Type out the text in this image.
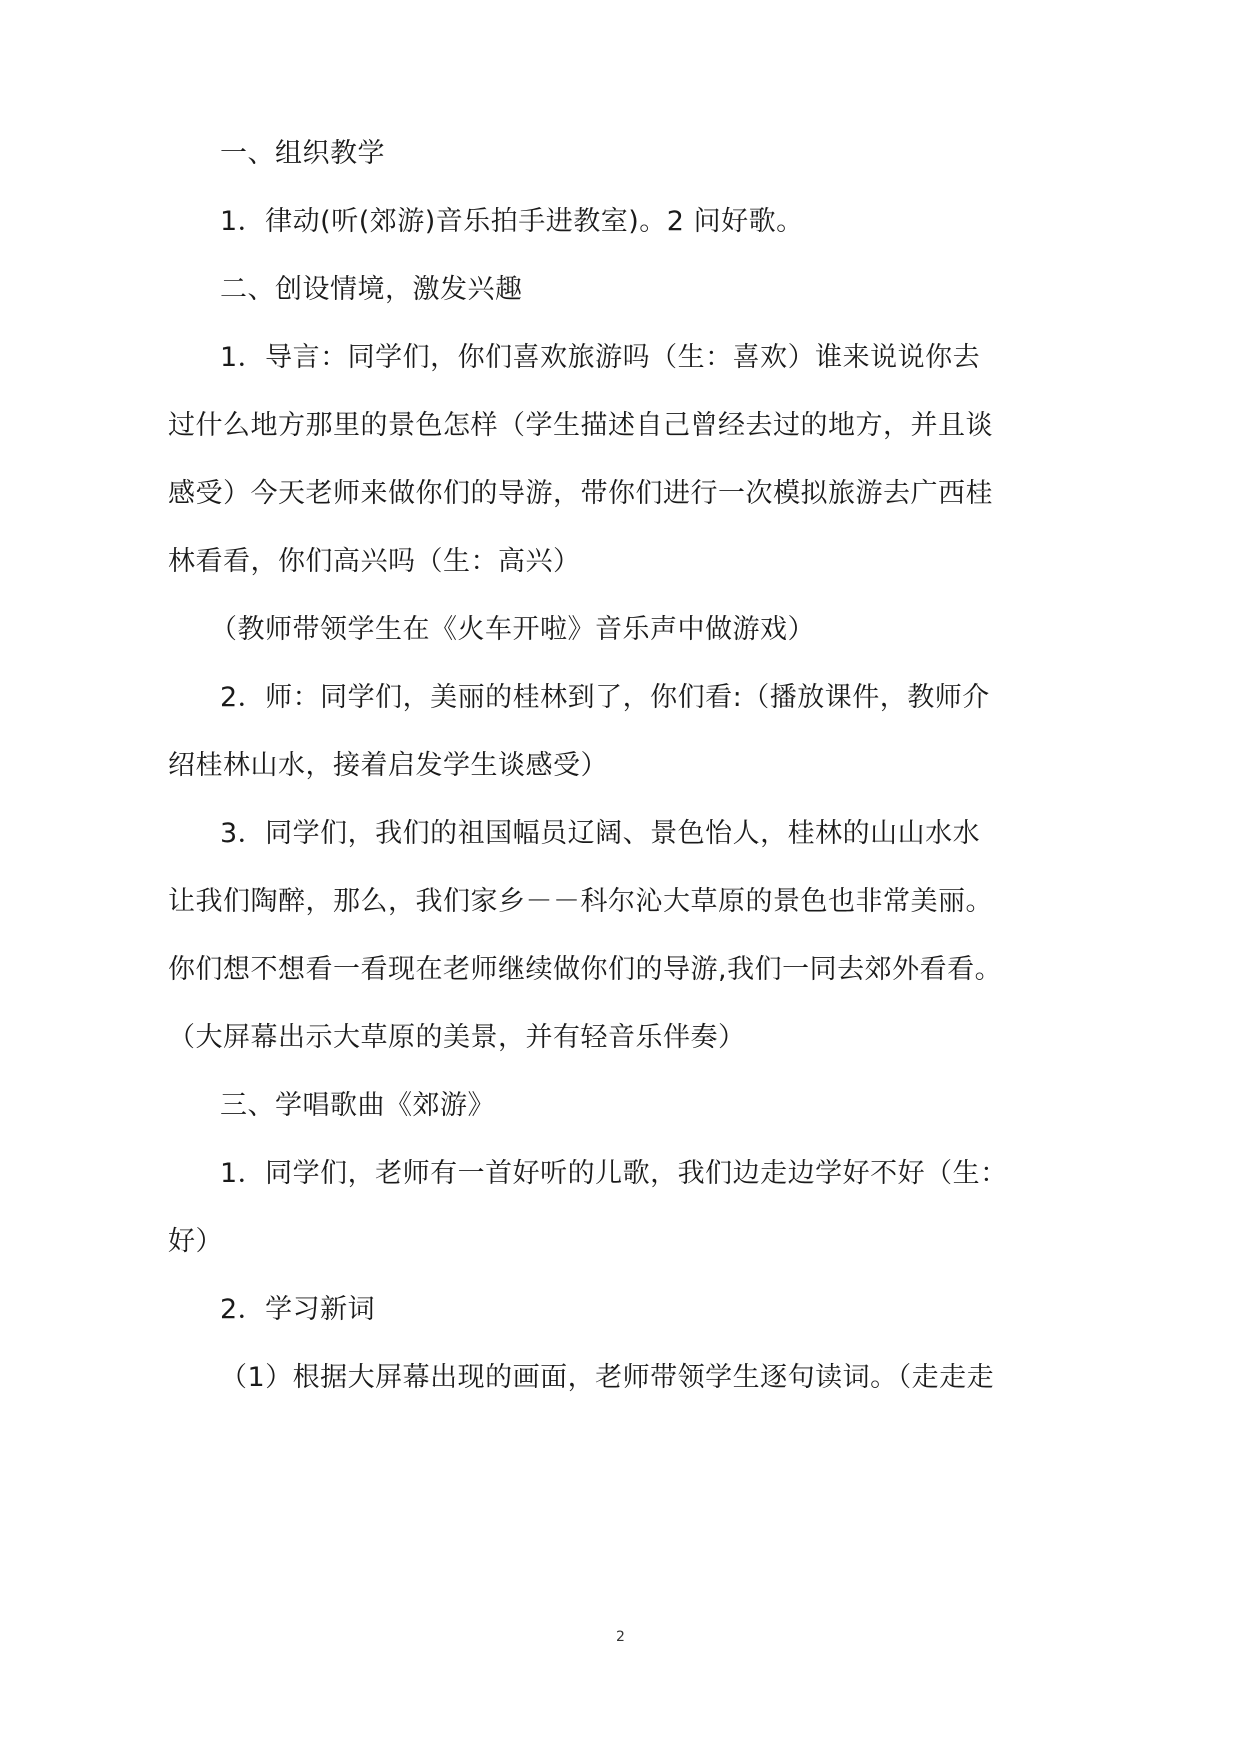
一、组织教学
1．律动(听(郊游)音乐拍手进教室)。2 问好歌。
二、创设情境，激发兴趣
1．导言：同学们，你们喜欢旅游吗（生：喜欢）谁来说说你去
过什么地方那里的景色怎样（学生描述自己曾经去过的地方，并且谈
感受）今天老师来做你们的导游，带你们进行一次模拟旅游去广西桂
林看看，你们高兴吗（生：高兴）
（教师带领学生在《火车开啦》音乐声中做游戏）
2．师：同学们，美丽的桂林到了，你们看:（播放课件，教师介
绍桂林山水，接着启发学生谈感受）
3．同学们，我们的祖国幅员辽阔、景色怡人，桂林的山山水水
让我们陶醉，那么，我们家乡－－科尔沁大草原的景色也非常美丽。
你们想不想看一看现在老师继续做你们的导游,我们一同去郊外看看。
（大屏幕出示大草原的美景，并有轻音乐伴奏）
三、学唱歌曲《郊游》
1．同学们，老师有一首好听的儿歌，我们边走边学好不好（生：
好）
2．学习新词
（1）根据大屏幕出现的画面，老师带领学生逐句读词。（走走走
2
